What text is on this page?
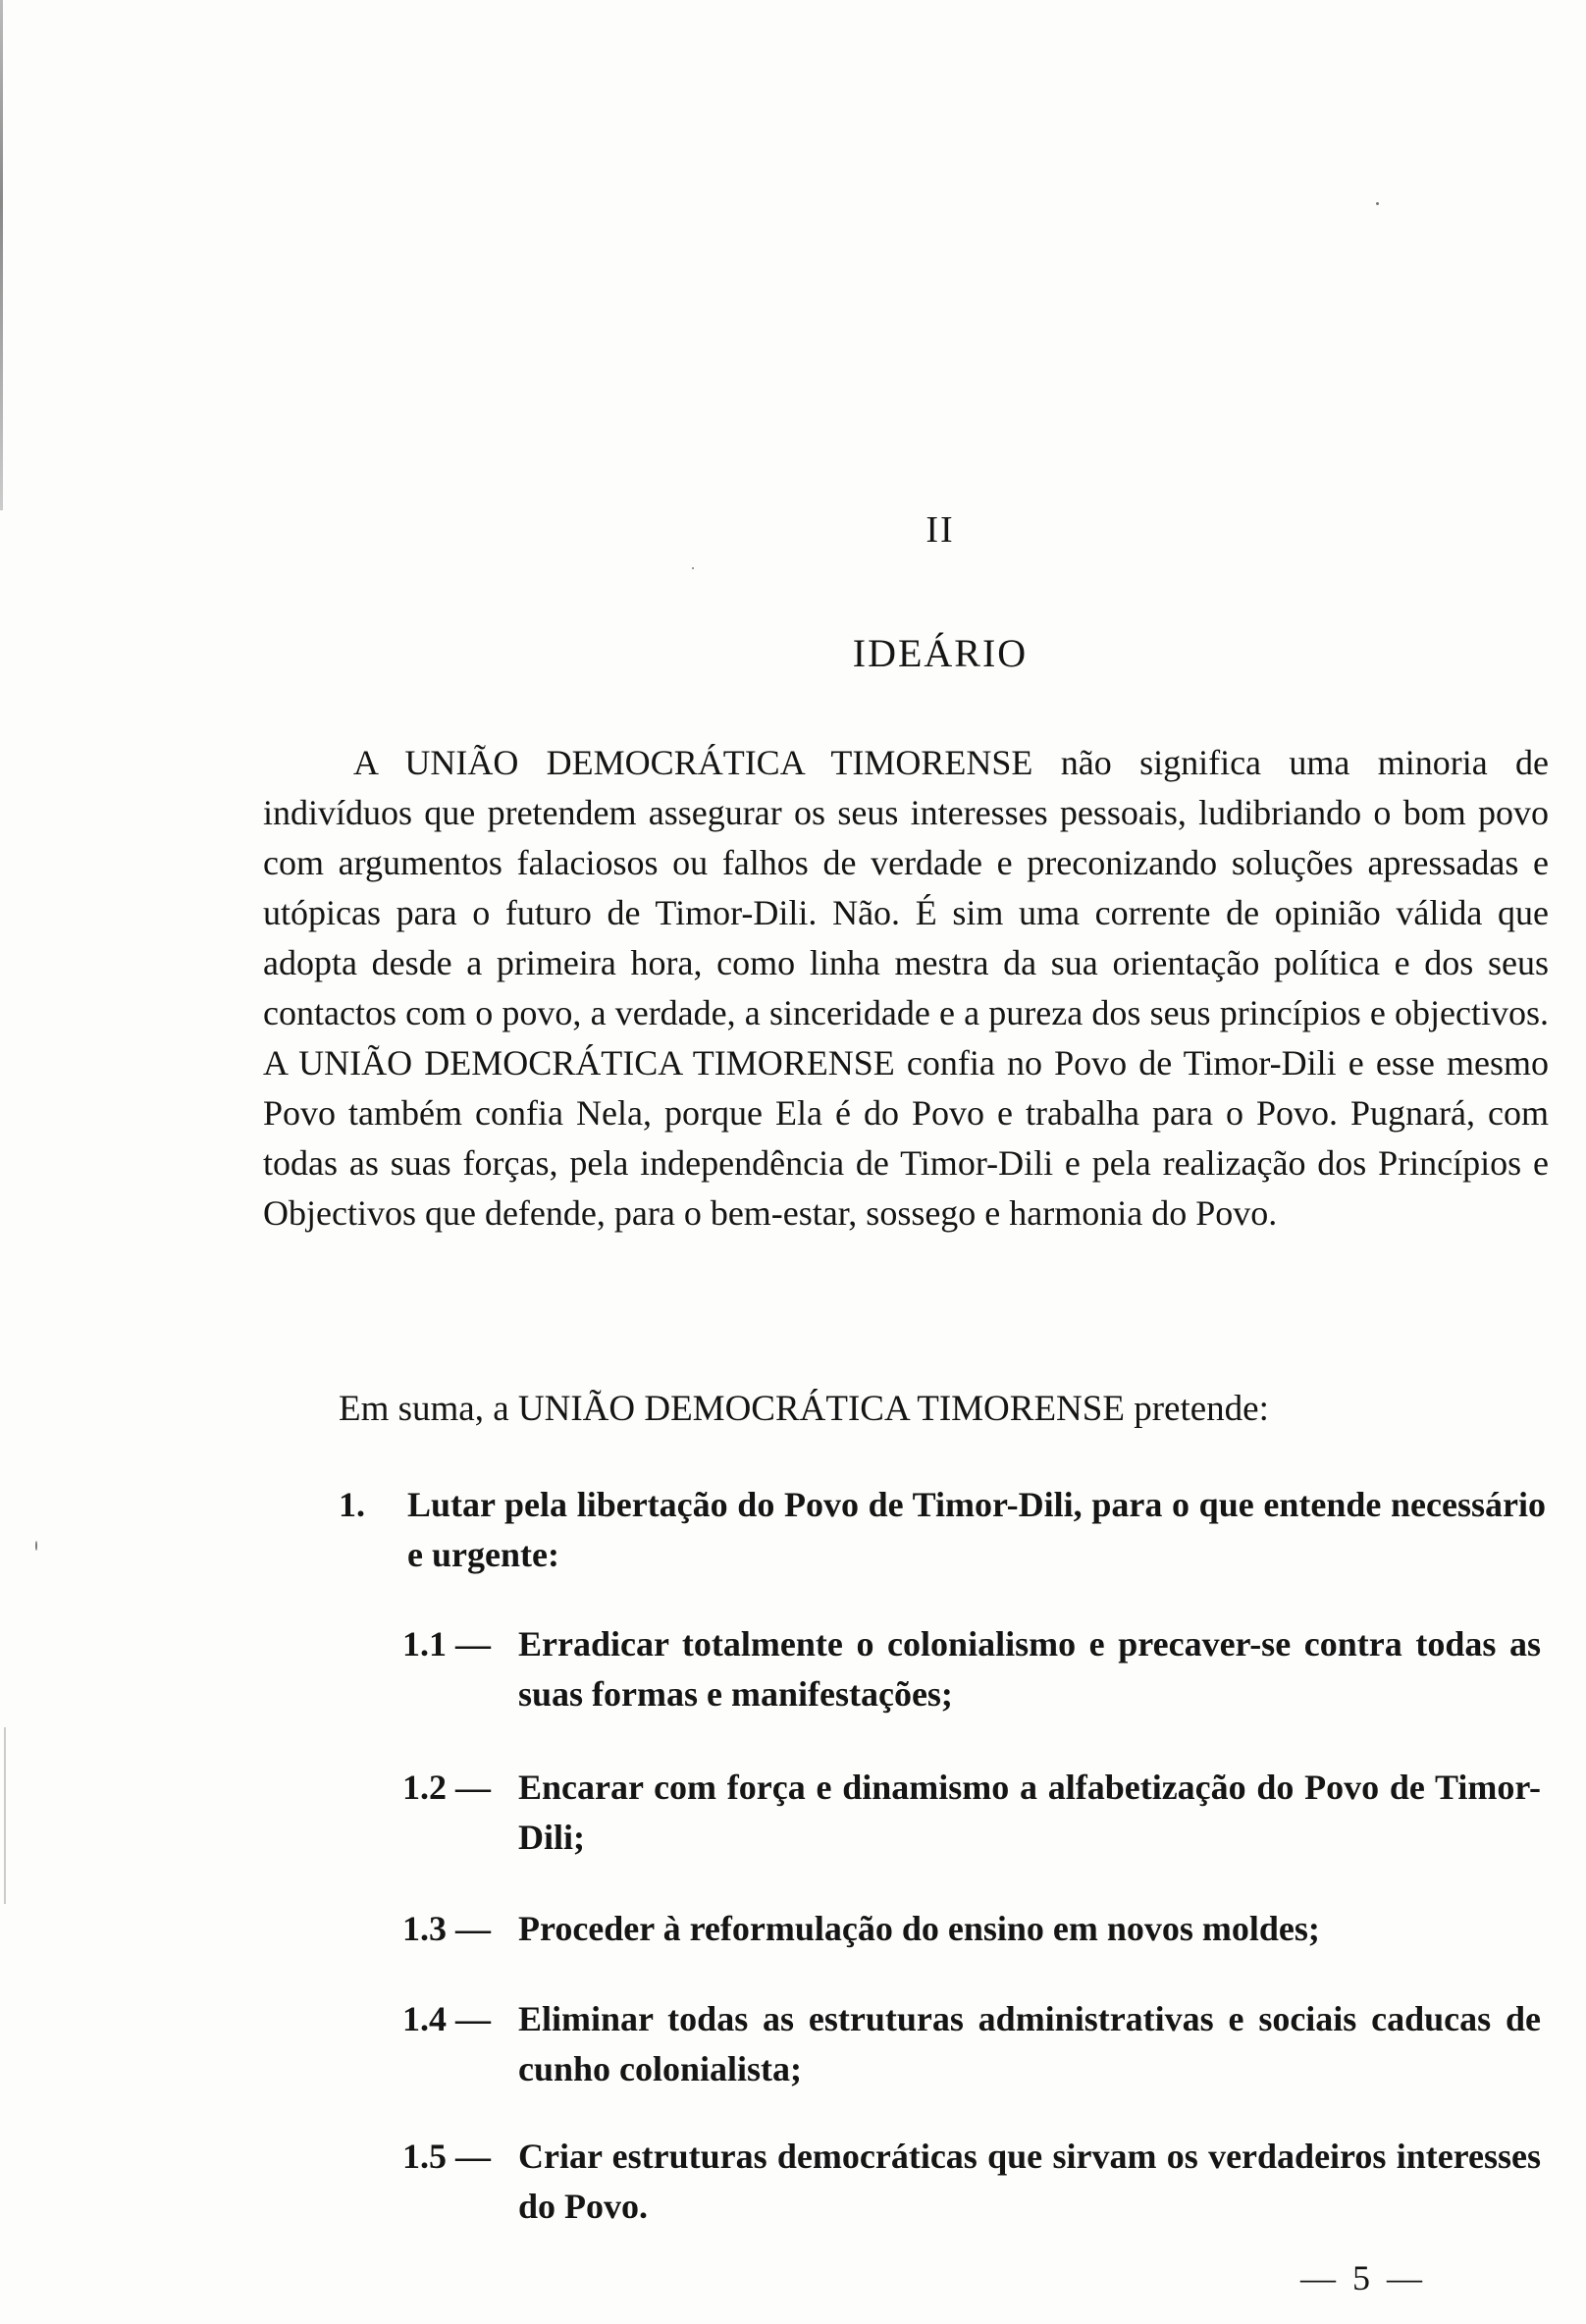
II
IDEÁRIO

A UNIÃO DEMOCRÁTICA TIMORENSE não significa uma minoria de indivíduos que pretendem assegurar os seus interesses pessoais, ludibriando o bom povo com argumentos falaciosos ou falhos de verdade e preconizando soluções apressadas e utópicas para o futuro de Timor-Dili. Não. É sim uma corrente de opinião válida que adopta desde a primeira hora, como linha mestra da sua orientação política e dos seus contactos com o povo, a verdade, a sinceridade e a pureza dos seus princípios e objectivos. A UNIÃO DEMOCRÁTICA TIMORENSE confia no Povo de Timor-Dili e esse mesmo Povo também confia Nela, porque Ela é do Povo e trabalha para o Povo. Pugnará, com todas as suas forças, pela independência de Timor-Dili e pela realização dos Princípios e Objectivos que defende, para o bem-estar, sossego e harmonia do Povo.

Em suma, a UNIÃO DEMOCRÁTICA TIMORENSE pretende:
1. Lutar pela libertação do Povo de Timor-Dili, para o que entende necessário e urgente:
1.1 — Erradicar totalmente o colonialismo e precaver-se contra todas as suas formas e manifestações;
1.2 — Encarar com força e dinamismo a alfabetização do Povo de Timor-Dili;
1.3 — Proceder à reformulação do ensino em novos moldes;
1.4 — Eliminar todas as estruturas administrativas e sociais caducas de cunho colonialista;
1.5 — Criar estruturas democráticas que sirvam os verdadeiros interesses do Povo.
— 5 —
